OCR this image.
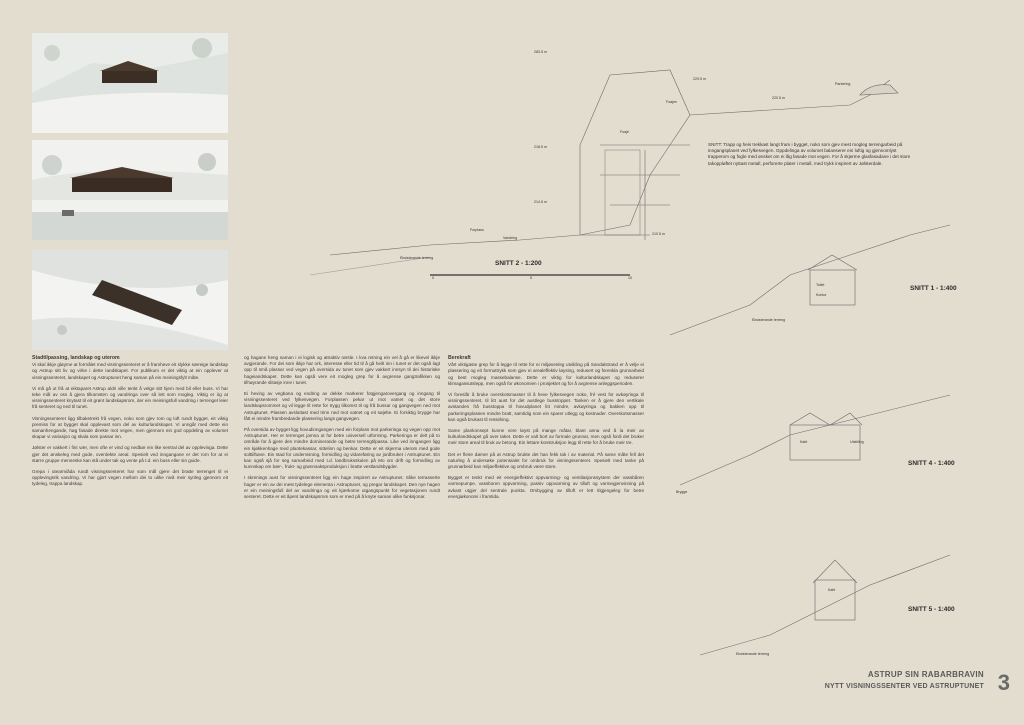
Stadtilpassing, landskap og uterom

Vi skal ikkje gløyme at formålet med visningssenteret er å framheve eit slykke særeige landskap og Astrup sitt liv og virke i dette landskapet. For publikum er det viktig at ein opplever at visningssenteret, landskapet og Astruptunet heng saman på ein meiningsfylt måte.

Vi må gå ut frå at eiktaparet Astrup aldri ville tenkt å velge sitt hjem med bil eller buss. Vi har teke mål av oss å gjera tilkomsten og vandringa over så lett som mogleg. Viktig er òg at visningssenteret knytast til eit grønt landskapsrom, der ein meiningsfull vandring i terrenget leier frå senteret og ned til tunet.

Visningssenteret ligg tilbaketrekt frå vegen, noko som gjev rom og luft rundt bygget, eit viktig premiss for at bygget skal opplevast som del av kulturlandskapet. Vi unngår med dette ein samanhengande, høg fasade direkte mot vegen, men gjennom ein god oppdeling av volumet skapar vi variasjon og skala som passar inn.

Jølster er vakkert i fint vær, men ofte er vind og nedbør ein like sentral del av opplevinga. Dette gjer det ønskeleg med gode, overdekte areal. Spesielt ved inngangane er det rom for at ei større gruppe menneske kan stå under tak og vente på t.d. ein buss eller sin guide.

Grepa i utearmiåda rundt visningssenteret har som mål gjere det bratte terrenget til ei opplevingsrik vandring. Vi har gjort vegen mellom dei to ulike nivå meir synleg gjennom eit tydeleg, trappa landskap.

og hagane heng saman i ei logisk og attraktiv rørsle. I kva retning ein vel å gå er likevel ikkje avgjerande. For dei som ikkje har ork, interesse eller tid til å gå heilt inn i tunet er det også lagt opp til små plassar ved vegen på oversida av tunet som gjev vakkert innsyn til dei historiske hageiandskapet. Dette kan også vere eit mogleg grep for å avgrense gangtrafikken og tilhøyrande slitasje inne i tunet.

Ei heving av vegbana og endring av dekke markerer fotgjengarovergang og inngang til visningssenteret ved fylkesvegen. Forplassen pekar ut mot vatnet og det store landskapsrommet og vil legge til rette for trygg tilkomst til og frå bussar og gangvegen ned mot Astruptunet. Plassen avsluttast med trinn ned mot vatnet og eit søjelte. Ei forsiktig brygge har fått ei mindre frambredande plassering langs gangvegen.

På oversida av bygget ligg hovudinngangen med ein forplass mot parkeringa og vegen opp mot Astruptunet. Her er terrenget jamna ut for betre universell utforming. Parkeringa er delt på to område for å gjere den mindre dominerande og betre terrengtilpassa. Like ved inngangen ligg ein kjøkkenhage med plantekassar, sittelinn og benkar. Dette er eit skjerma uterom med gode solttilhøve. Ein stad for undervisning, formidling og vidareføring av jordbruket i Astruptunet. Ein kan også sjå for seg samarbeid med t.d. landbruksskulen på Mo om drift og formidling av kunnskap om bær-, frukt- og grønnsaksproduksjon i bratte vestlandsbygder.

I skrenings aust for visningssenteret ligg ein hage inspirert av Astruptunet. Slike terrasserte hager er ein av dei mest tydelege elementa i Astruptunet, og pregar landskapet. Den nye hagen er ein meiningsfull del av vandringa og eit kjærkome utgangspunkt for vegetasjonen rundt senteret. Dette er eit åpent landskapsrom som er med på å knyte saman ulike funksjonar.

Berekraft

Vårt viktigaste grep for å legge til rette for ei miljøvenleg utvikling på Sandalstrand er å velje ei plassering og eit formuttrykk som gjev ei arealeffektiv løysing, redusert og forenkla grunnarbeid og best mogleg massebalanse. Dette er viktig for kulturlandskapet og reduserer klimagassutslepp, men også for økonomien i prosjektet og for å avgrense anleggsperioden.

Vi foreslår å bruke overskotsmasser til å heve fylkesvegen noko, fré vest for avkøyringa til visningssenteret, til litt aust for det austlege busstoppet. Tanken er å gjere den vertikale avstanden frå busstoppa til hovudplanet litt mindre, avkøyringa og bakken opp til parkeringsplassen mindre bratt, samtidig som ein sparer utlegg og kostnader. Overskotsmasser kan også brukast til ressirking.

Same plankonsept kunne vore løyst på mange måtar, blant anna ved å la meir av kulturlandskapet gå over taket. Dette er valt bort av formale grunnar, men også fordi det bruker meir store areal til bruk av betong. Ein lettare konstruksjon legg til rette for å bruke meir tre.

Det er fleire dømer på at Astrup brukte det han fekk tak i av material. På same måte fell det naturleg å undersøke potensialet for ombruk for visningssenteret. Spesielt med tanke på grunnarbeid kan miljøeffektive og ombruk være store.

Bygget er tenkt med eit energieffektivt oppvarming- og ventilasjonssystem der vassbåren varmepumpe, vassboren oppvarming, passiv oppvarming av tilluft og varmegjenvinning på avkast utgjer del sentrale punkta. Ombygging av tilluft er lett tilgjengeleg for betre energiøkonomi i framtida.

SNITT 2 - 1:200
0	5	10
SNITT 1 - 1:400
SNITT 4 - 1:400
SNITT 5 - 1:400
Parkering
Foajee
Foajé
Vandring
Forplass
Toilet
Kontor
Kafé	Utstilling
Brygge
Kafé
Eksisterande terreng
Eksisterande terreng
Eksisterande terreng
283.5 m
229.5 m
220.5 m
218.5 m
214.5 m
210.5 m
SNITT: Trapp og heis trekkast langt fram i bygget, noko som gjev mest mogleg terrengarbeid på inngangsplanet ved fylkesvegen. Oppdelinga av volumet balanserer ein luftig og gjennomlyst trapperom og fogle med ønsket om ei låg fasade mot vegen. For å skjerme glasfasadane i det store takoppløftet nyttast metall, perforerte plater i metall, med trykk inspirert av Jølsterdale.
ASTRUP SIN RABARBRAVIN
NYTT VISNINGSSENTER VED ASTRUPTUNET 3
